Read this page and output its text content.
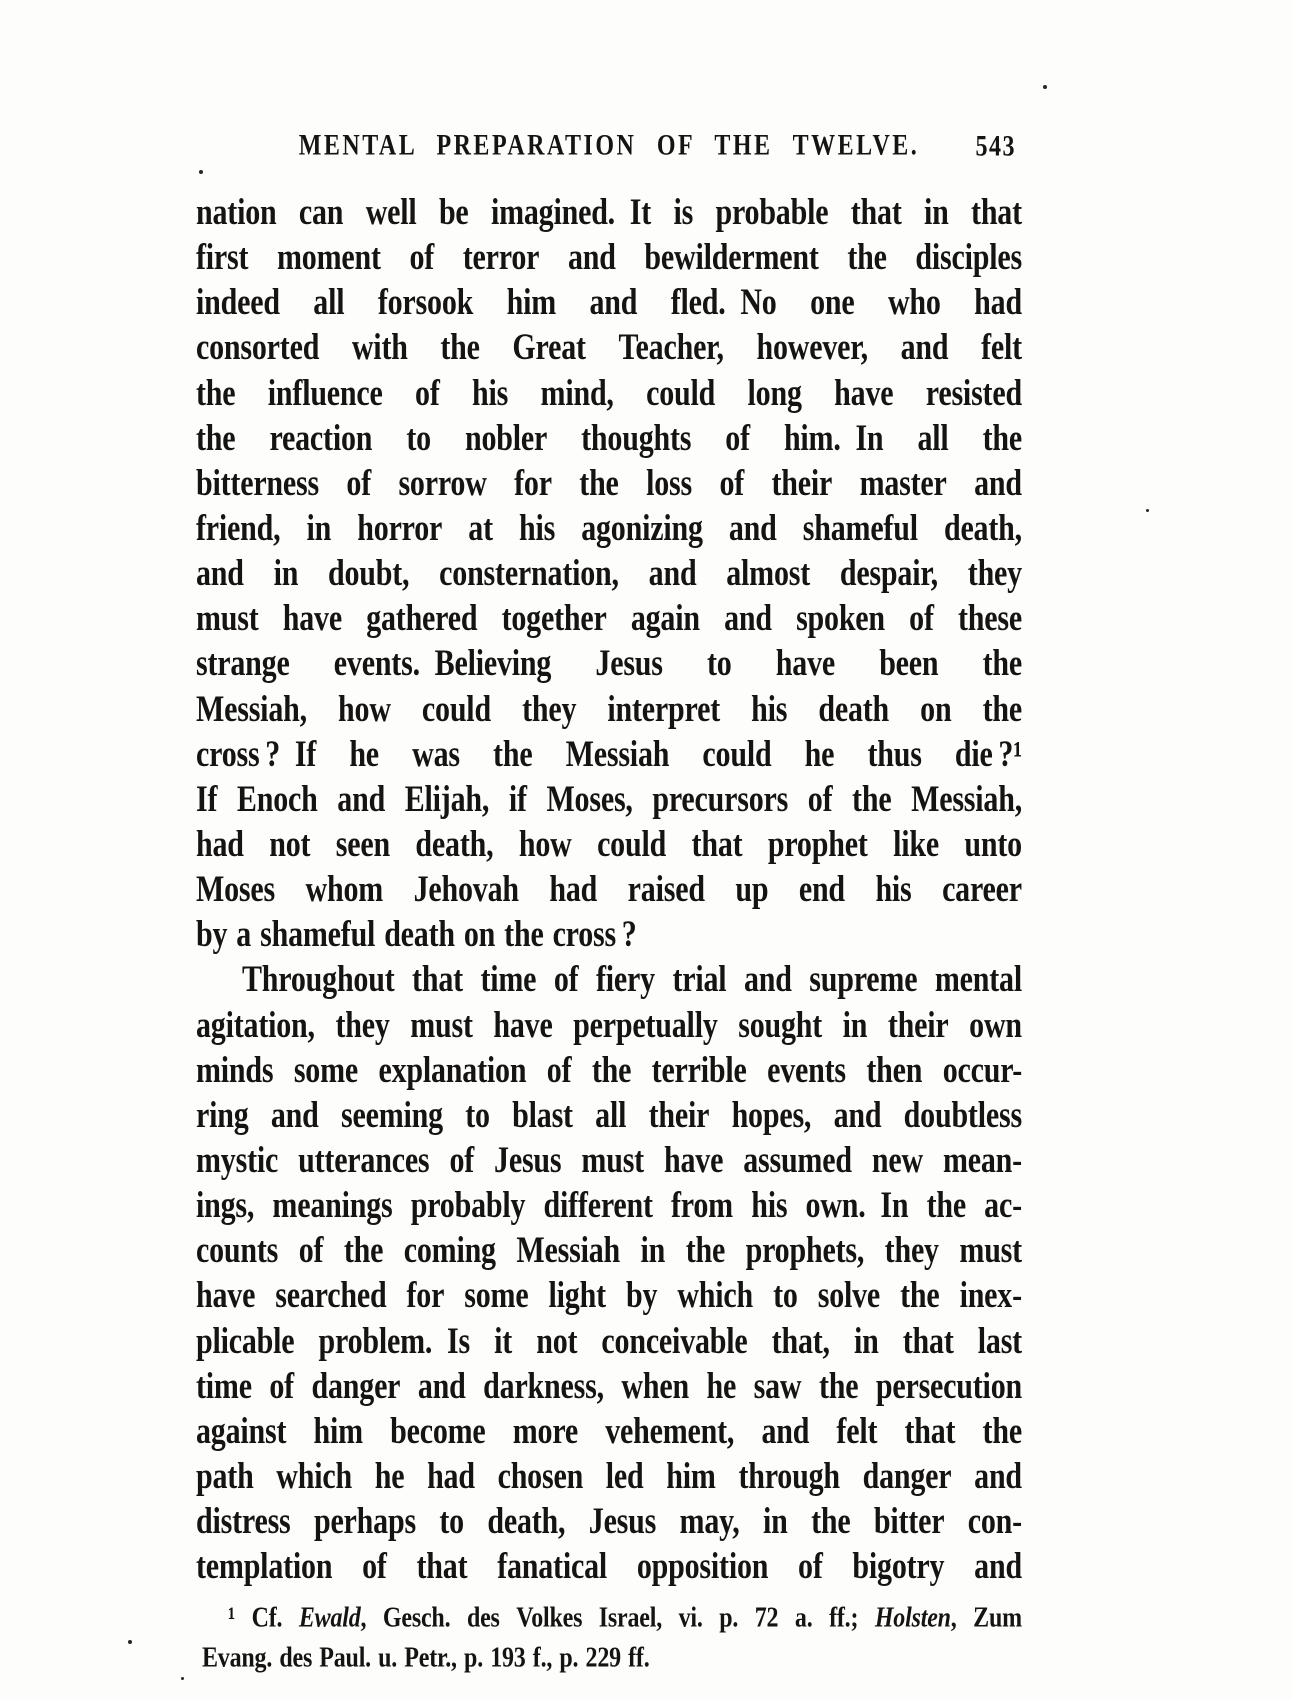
MENTAL PREPARATION OF THE TWELVE.	543
nation can well be imagined. It is probable that in that
first moment of terror and bewilderment the disciples
indeed all forsook him and fled. No one who had
consorted with the Great Teacher, however, and felt
the influence of his mind, could long have resisted
the reaction to nobler thoughts of him. In all the
bitterness of sorrow for the loss of their master and
friend, in horror at his agonizing and shameful death,
and in doubt, consternation, and almost despair, they
must have gathered together again and spoken of these
strange events. Believing Jesus to have been the
Messiah, how could they interpret his death on the
cross ? If he was the Messiah could he thus die ?¹
If Enoch and Elijah, if Moses, precursors of the Messiah,
had not seen death, how could that prophet like unto
Moses whom Jehovah had raised up end his career
by a shameful death on the cross ?
Throughout that time of fiery trial and supreme mental
agitation, they must have perpetually sought in their own
minds some explanation of the terrible events then occur-
ring and seeming to blast all their hopes, and doubtless
mystic utterances of Jesus must have assumed new mean-
ings, meanings probably different from his own. In the ac-
counts of the coming Messiah in the prophets, they must
have searched for some light by which to solve the inex-
plicable problem. Is it not conceivable that, in that last
time of danger and darkness, when he saw the persecution
against him become more vehement, and felt that the
path which he had chosen led him through danger and
distress perhaps to death, Jesus may, in the bitter con-
templation of that fanatical opposition of bigotry and
¹ Cf. Ewald, Gesch. des Volkes Israel, vi. p. 72 a. ff.; Holsten, Zum
Evang. des Paul. u. Petr., p. 193 f., p. 229 ff.
